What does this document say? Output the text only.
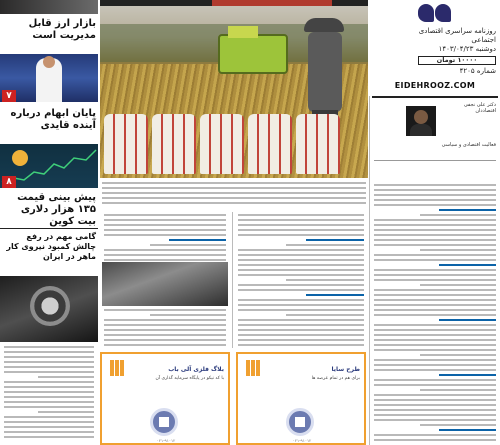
روزنامه سراسری اقتصادی اجتماعی
دوشنبه ۱۴۰۳/۰۴/۲۳
۱۰۰۰۰ تومان
شماره ۴۲۰۵
EIDEHROOZ.COM
دکتر علی نجفی
اقتصاددان
فعالیت اقتصادی و سیاسی
بازار ارز قابل مدیریت است
۷
پایان ابهام درباره آینده قایدی
۸
پیش بینی قیمت ۱۳۵ هزار دلاری بیت کوین
گامی مهم در رفع چالش کمبود نیروی کار ماهر در ایران
بلاگ فلزی آلی باب
با کد نیکو در پایگاه سرمایه گذاری آن
۰۲۱-۹۱۰۱۲
طرح سایا
برای هم در تمام عرصه ها
۰۲۱-۹۱۰۱۲
